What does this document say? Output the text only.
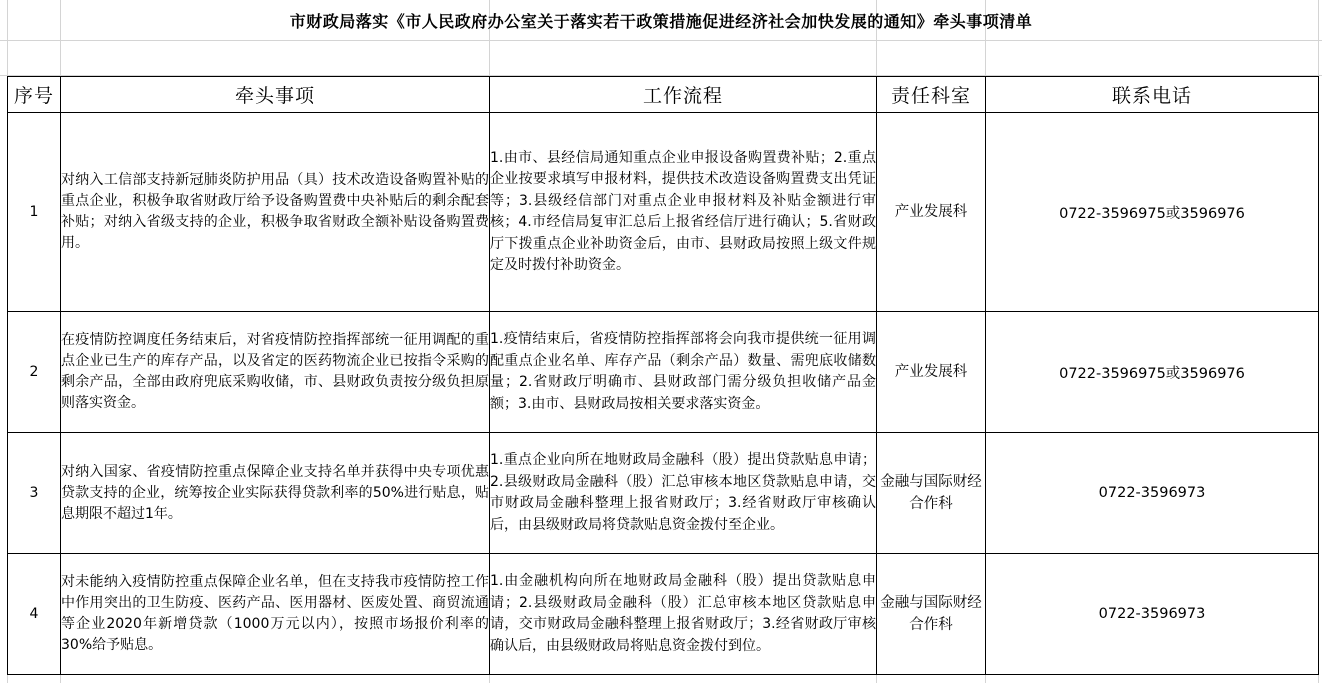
市财政局落实《市人民政府办公室关于落实若干政策措施促进经济社会加快发展的通知》牵头事项清单
序号	牵头事项	工作流程	责任科室	联系电话
1	对纳入工信部支持新冠肺炎防护用品（具）技术改造设备购置补贴的重点企业，积极争取省财政厅给予设备购置费中央补贴后的剩余配套补贴；对纳入省级支持的企业，积极争取省财政全额补贴设备购置费用。	1.由市、县经信局通知重点企业申报设备购置费补贴；2.重点企业按要求填写申报材料，提供技术改造设备购置费支出凭证等；3.县级经信部门对重点企业申报材料及补贴金额进行审核；4.市经信局复审汇总后上报省经信厅进行确认；5.省财政厅下拨重点企业补助资金后，由市、县财政局按照上级文件规定及时拨付补助资金。	产业发展科	0722-3596975或3596976
2	在疫情防控调度任务结束后，对省疫情防控指挥部统一征用调配的重点企业已生产的库存产品，以及省定的医药物流企业已按指令采购的剩余产品，全部由政府兜底采购收储，市、县财政负责按分级负担原则落实资金。	1.疫情结束后，省疫情防控指挥部将会向我市提供统一征用调配重点企业名单、库存产品（剩余产品）数量、需兜底收储数量；2.省财政厅明确市、县财政部门需分级负担收储产品金额；3.由市、县财政局按相关要求落实资金。	产业发展科	0722-3596975或3596976
3	对纳入国家、省疫情防控重点保障企业支持名单并获得中央专项优惠贷款支持的企业，统筹按企业实际获得贷款利率的50%进行贴息，贴息期限不超过1年。	1.重点企业向所在地财政局金融科（股）提出贷款贴息申请；2.县级财政局金融科（股）汇总审核本地区贷款贴息申请，交市财政局金融科整理上报省财政厅；3.经省财政厅审核确认后，由县级财政局将贷款贴息资金拨付至企业。	金融与国际财经合作科	0722-3596973
4	对未能纳入疫情防控重点保障企业名单，但在支持我市疫情防控工作中作用突出的卫生防疫、医药产品、医用器材、医废处置、商贸流通等企业2020年新增贷款（1000万元以内），按照市场报价利率的30%给予贴息。	1.由金融机构向所在地财政局金融科（股）提出贷款贴息申请；2.县级财政局金融科（股）汇总审核本地区贷款贴息申请，交市财政局金融科整理上报省财政厅；3.经省财政厅审核确认后，由县级财政局将贴息资金拨付到位。	金融与国际财经合作科	0722-3596973
